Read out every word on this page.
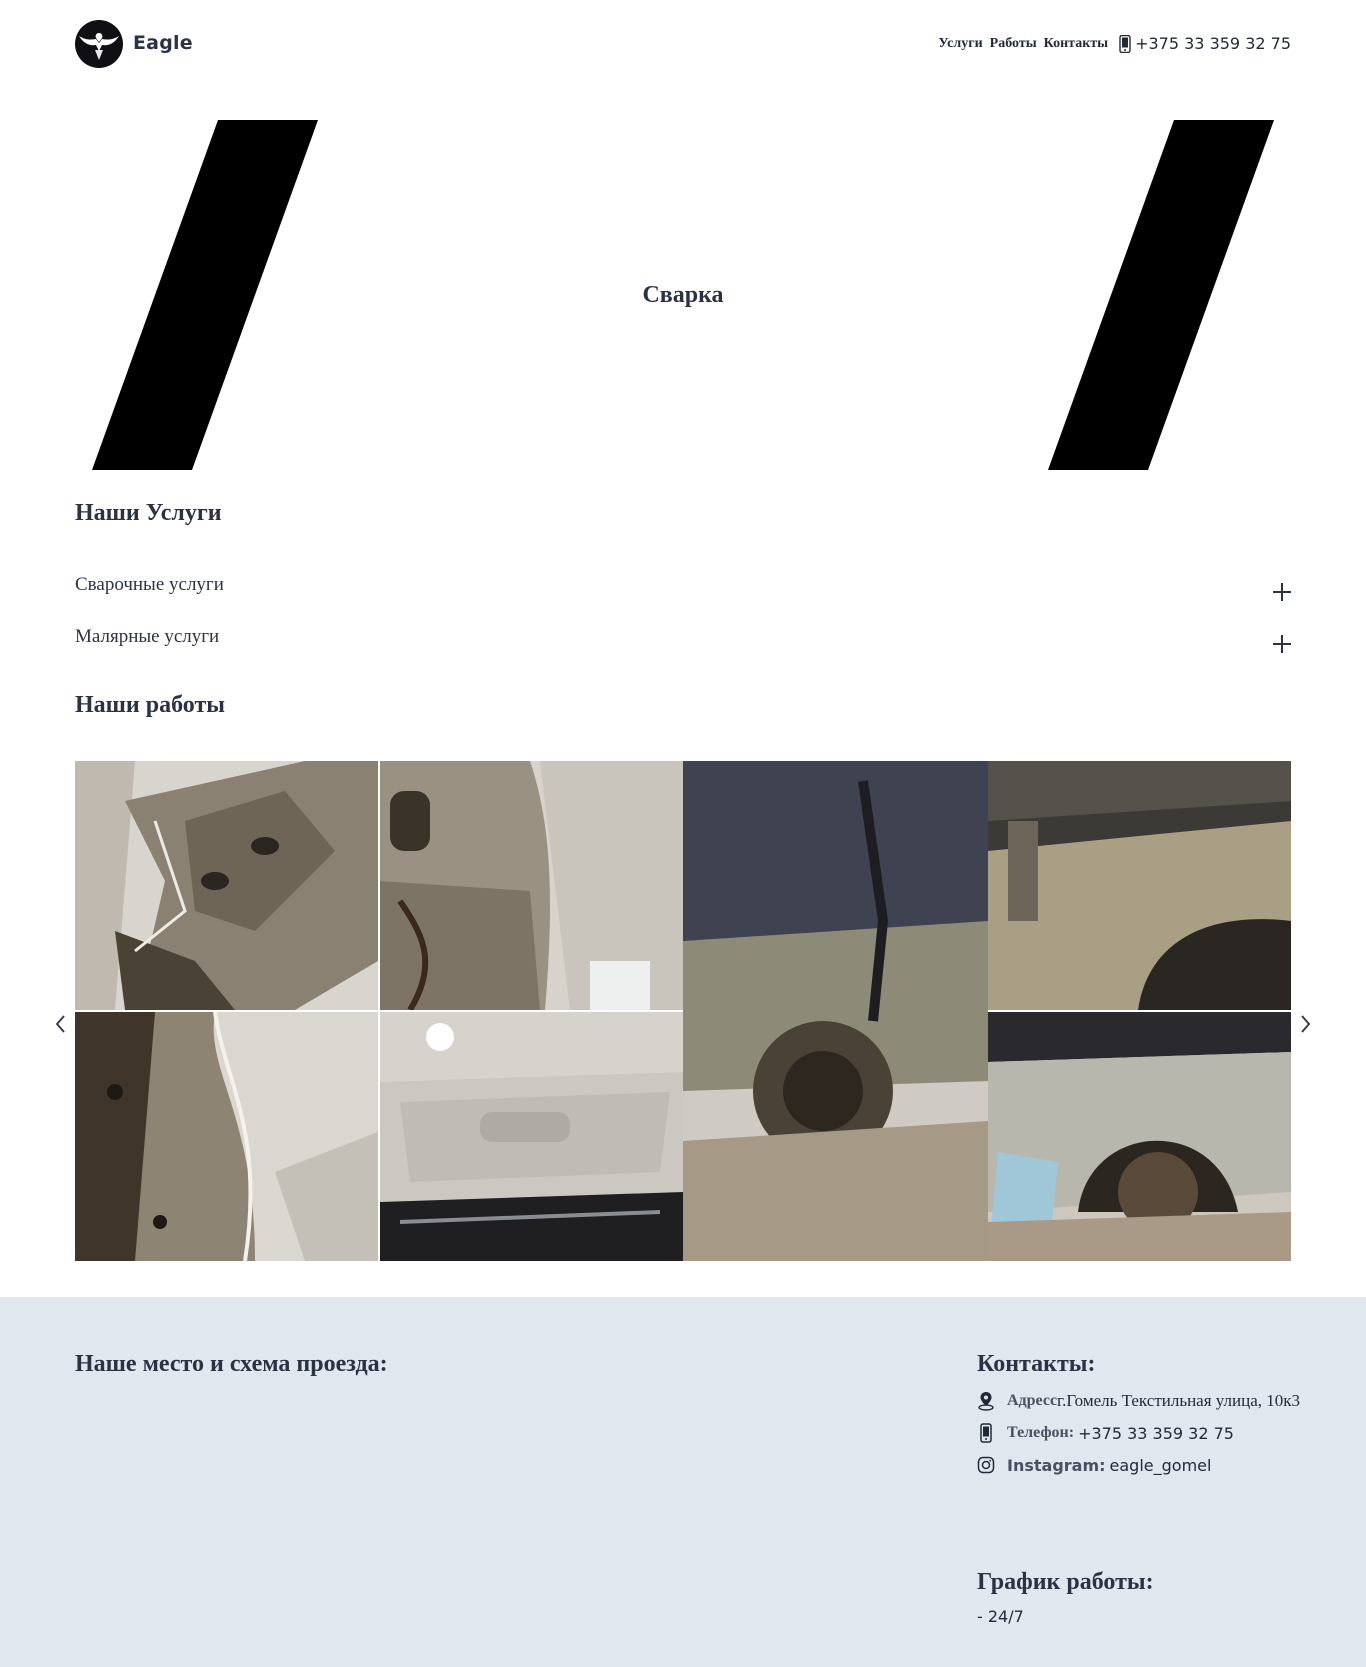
Eagle	Услуги Работы Контакты +375 33 359 32 75
Сварка
Наши Услуги
Сварочные услуги
Малярные услуги
Наши работы
Наше место и схема проезда:	Контакты:
Адресс г.Гомель Текстильная улица, 10к3
Телефон: +375 33 359 32 75
Instagram: eagle_gomel
График работы:
- 24/7
